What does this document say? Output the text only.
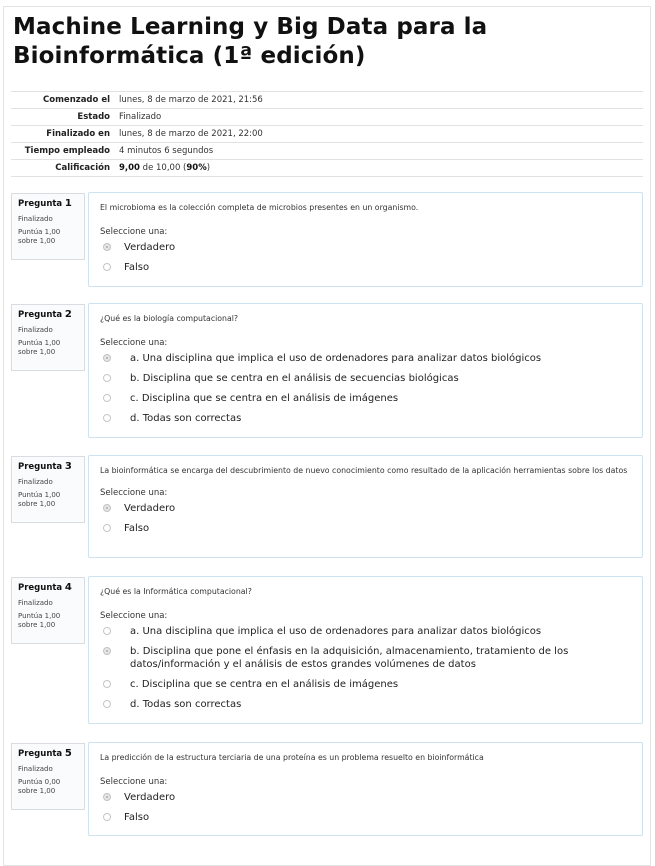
Machine Learning y Big Data para la Bioinformática (1ª edición)
Comenzado el	lunes, 8 de marzo de 2021, 21:56
Estado	Finalizado
Finalizado en	lunes, 8 de marzo de 2021, 22:00
Tiempo empleado	4 minutos 6 segundos
Calificación	9,00 de 10,00 (90%)
Pregunta 1
Finalizado
Puntúa 1,00
sobre 1,00

El microbioma es la colección completa de microbios presentes en un organismo.

Seleccione una:
Verdadero
Falso
Pregunta 2
Finalizado
Puntúa 1,00
sobre 1,00

¿Qué es la biología computacional?

Seleccione una:
a. Una disciplina que implica el uso de ordenadores para analizar datos biológicos
b. Disciplina que se centra en el análisis de secuencias biológicas
c. Disciplina que se centra en el análisis de imágenes
d. Todas son correctas
Pregunta 3
Finalizado
Puntúa 1,00
sobre 1,00

La bioinformática se encarga del descubrimiento de nuevo conocimiento como resultado de la aplicación herramientas sobre los datos

Seleccione una:
Verdadero
Falso
Pregunta 4
Finalizado
Puntúa 1,00
sobre 1,00

¿Qué es la Informática computacional?

Seleccione una:
a. Una disciplina que implica el uso de ordenadores para analizar datos biológicos
b. Disciplina que pone el énfasis en la adquisición, almacenamiento, tratamiento de los datos/información y el análisis de estos grandes volúmenes de datos
c. Disciplina que se centra en el análisis de imágenes
d. Todas son correctas
Pregunta 5
Finalizado
Puntúa 0,00
sobre 1,00

La predicción de la estructura terciaria de una proteína es un problema resuelto en bioinformática

Seleccione una:
Verdadero
Falso
